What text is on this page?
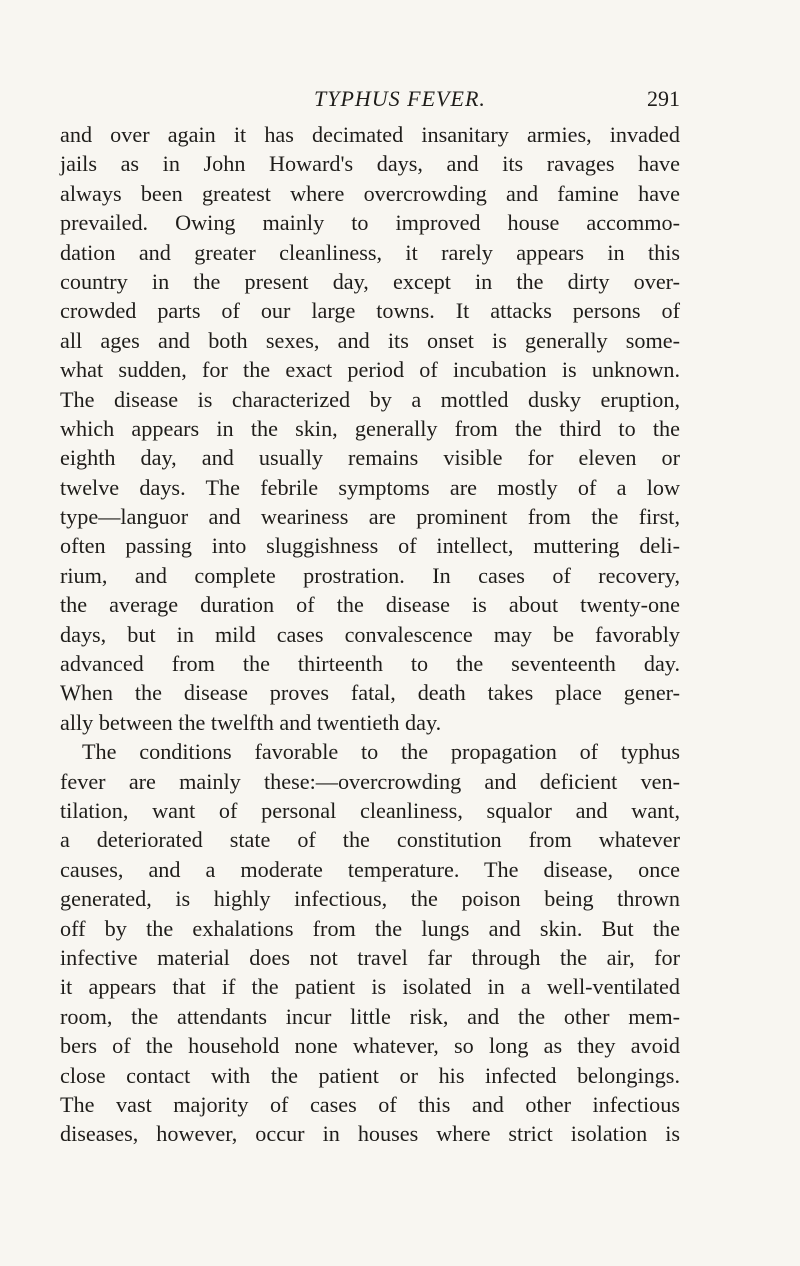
TYPHUS FEVER.	291
and over again it has decimated insanitary armies, invaded
jails as in John Howard's days, and its ravages have
always been greatest where overcrowding and famine have
prevailed. Owing mainly to improved house accommo-
dation and greater cleanliness, it rarely appears in this
country in the present day, except in the dirty over-
crowded parts of our large towns. It attacks persons of
all ages and both sexes, and its onset is generally some-
what sudden, for the exact period of incubation is unknown.
The disease is characterized by a mottled dusky eruption,
which appears in the skin, generally from the third to the
eighth day, and usually remains visible for eleven or
twelve days. The febrile symptoms are mostly of a low
type—languor and weariness are prominent from the first,
often passing into sluggishness of intellect, muttering deli-
rium, and complete prostration. In cases of recovery,
the average duration of the disease is about twenty-one
days, but in mild cases convalescence may be favorably
advanced from the thirteenth to the seventeenth day.
When the disease proves fatal, death takes place gener-
ally between the twelfth and twentieth day.
The conditions favorable to the propagation of typhus
fever are mainly these:—overcrowding and deficient ven-
tilation, want of personal cleanliness, squalor and want,
a deteriorated state of the constitution from whatever
causes, and a moderate temperature. The disease, once
generated, is highly infectious, the poison being thrown
off by the exhalations from the lungs and skin. But the
infective material does not travel far through the air, for
it appears that if the patient is isolated in a well-ventilated
room, the attendants incur little risk, and the other mem-
bers of the household none whatever, so long as they avoid
close contact with the patient or his infected belongings.
The vast majority of cases of this and other infectious
diseases, however, occur in houses where strict isolation is
